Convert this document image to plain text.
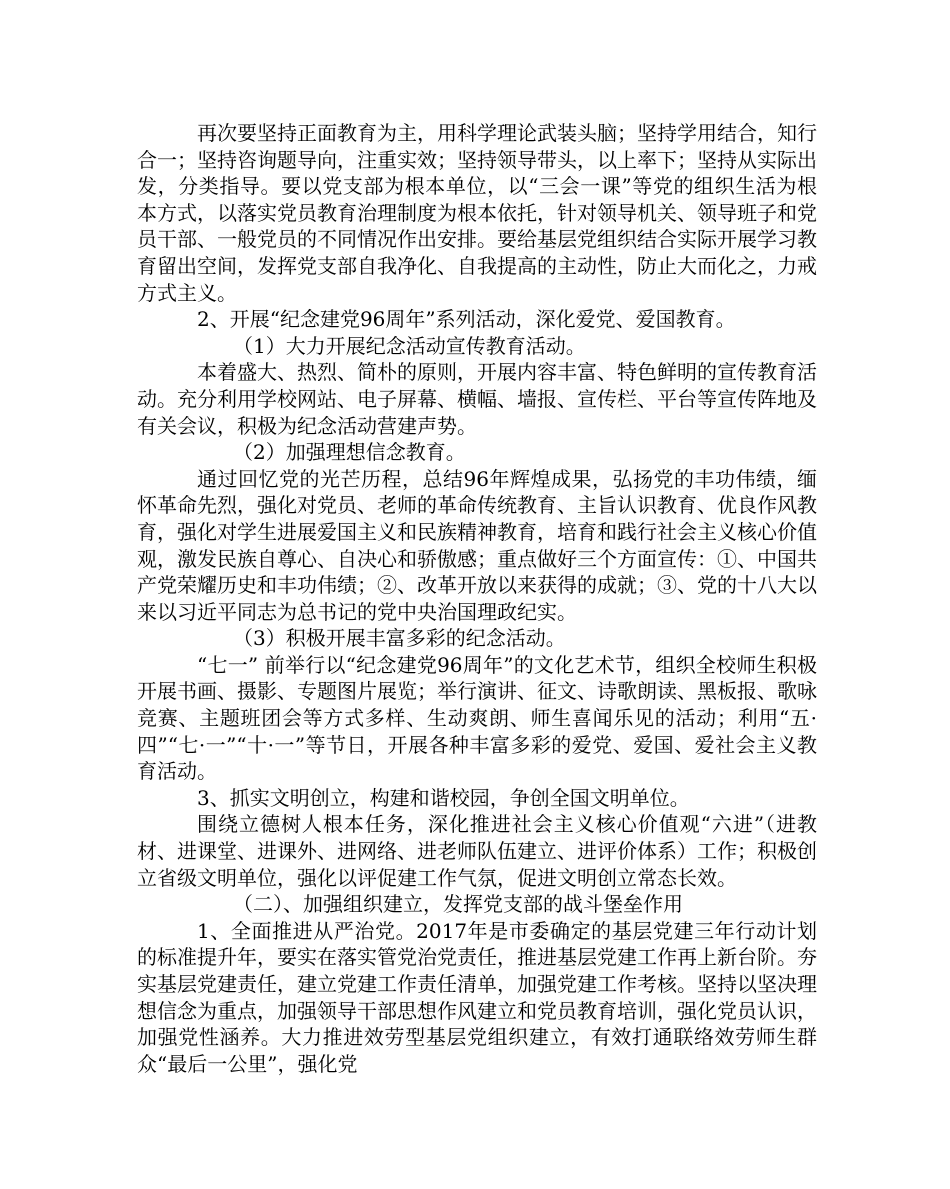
再次要坚持正面教育为主，用科学理论武装头脑；坚持学用结合，知行合一；坚持咨询题导向，注重实效；坚持领导带头，以上率下；坚持从实际出发，分类指导。要以党支部为根本单位，以“三会一课”等党的组织生活为根本方式，以落实党员教育治理制度为根本依托，针对领导机关、领导班子和党员干部、一般党员的不同情况作出安排。要给基层党组织结合实际开展学习教育留出空间，发挥党支部自我净化、自我提高的主动性，防止大而化之，力戒方式主义。

2、开展“纪念建党96周年”系列活动，深化爱党、爱国教育。

（1）大力开展纪念活动宣传教育活动。

本着盛大、热烈、简朴的原则，开展内容丰富、特色鲜明的宣传教育活动。充分利用学校网站、电子屏幕、横幅、墙报、宣传栏、平台等宣传阵地及有关会议，积极为纪念活动营建声势。

（2）加强理想信念教育。

通过回忆党的光芒历程，总结96年辉煌成果，弘扬党的丰功伟绩，缅怀革命先烈，强化对党员、老师的革命传统教育、主旨认识教育、优良作风教育，强化对学生进展爱国主义和民族精神教育，培育和践行社会主义核心价值观，激发民族自尊心、自决心和骄傲感；重点做好三个方面宣传：①、中国共产党荣耀历史和丰功伟绩；②、改革开放以来获得的成就；③、党的十八大以来以习近平同志为总书记的党中央治国理政纪实。

（3）积极开展丰富多彩的纪念活动。

“七一” 前举行以“纪念建党96周年”的文化艺术节，组织全校师生积极开展书画、摄影、专题图片展览；举行演讲、征文、诗歌朗读、黑板报、歌咏竞赛、主题班团会等方式多样、生动爽朗、师生喜闻乐见的活动；利用“五·四”“七·一”“十·一”等节日，开展各种丰富多彩的爱党、爱国、爱社会主义教育活动。

3、抓实文明创立，构建和谐校园，争创全国文明单位。

围绕立德树人根本任务，深化推进社会主义核心价值观“六进”（进教材、进课堂、进课外、进网络、进老师队伍建立、进评价体系）工作；积极创立省级文明单位，强化以评促建工作气氛，促进文明创立常态长效。

（二）、加强组织建立，发挥党支部的战斗堡垒作用

1、全面推进从严治党。2017年是市委确定的基层党建三年行动计划的标准提升年，要实在落实管党治党责任，推进基层党建工作再上新台阶。夯实基层党建责任，建立党建工作责任清单，加强党建工作考核。坚持以坚决理想信念为重点，加强领导干部思想作风建立和党员教育培训，强化党员认识，加强党性涵养。大力推进效劳型基层党组织建立，有效打通联络效劳师生群众“最后一公里”，强化党
